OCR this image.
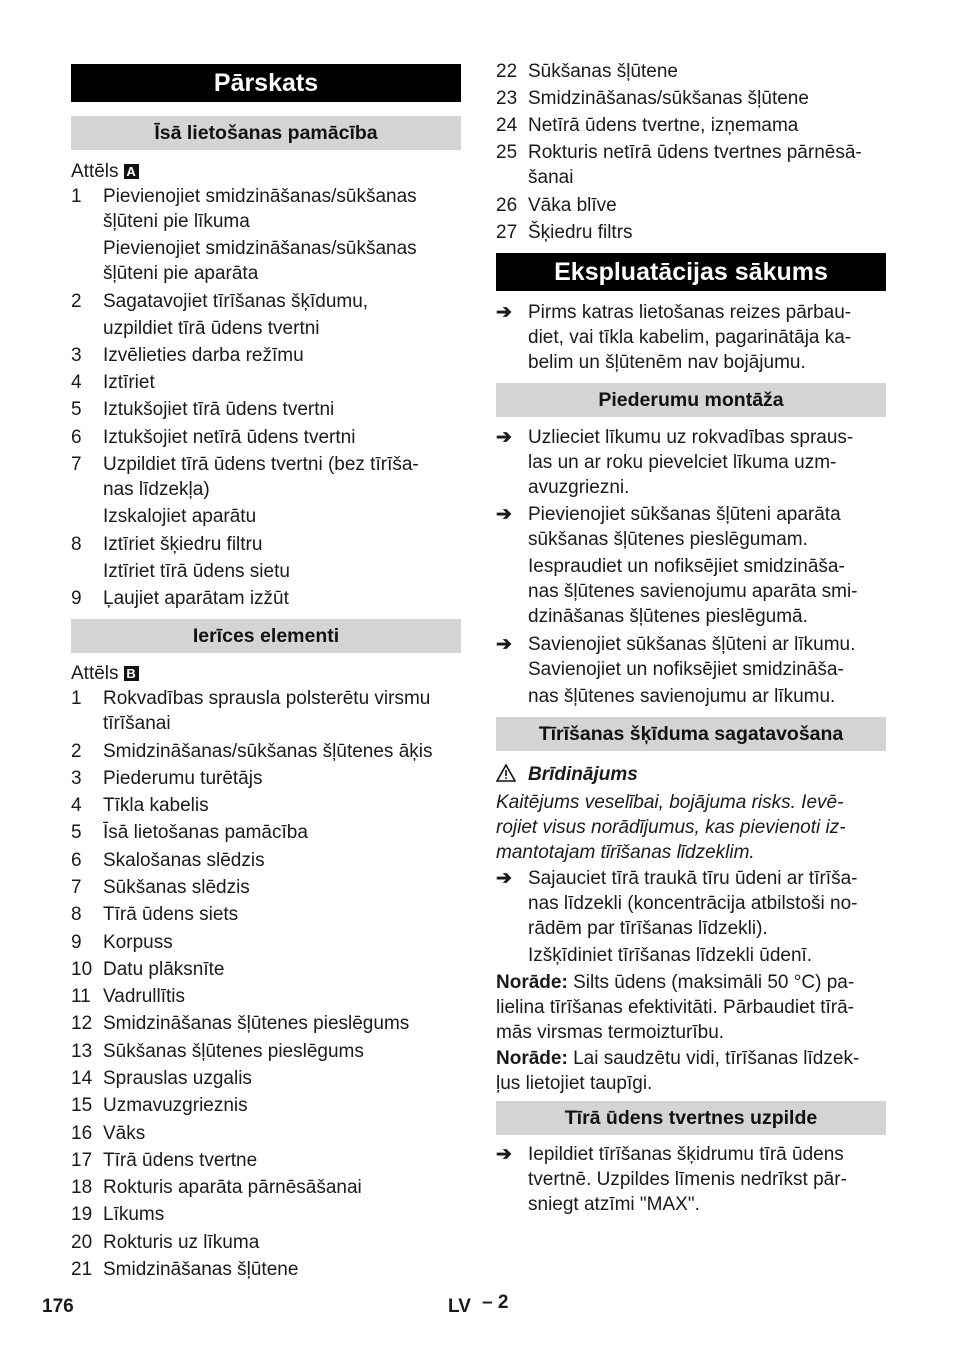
Pārskats
Īsā lietošanas pamācība
Attēls A
1 Pievienojiet smidzināšanas/sūkšanas
šļūteni pie līkuma
Pievienojiet smidzināšanas/sūkšanas
šļūteni pie aparāta
2 Sagatavojiet tīrīšanas šķīdumu,
uzpildiet tīrā ūdens tvertni
3 Izvēlieties darba režīmu
4 Iztīriet
5 Iztukšojiet tīrā ūdens tvertni
6 Iztukšojiet netīrā ūdens tvertni
7 Uzpildiet tīrā ūdens tvertni (bez tīrīša-
nas līdzekļa)
Izskalojiet aparātu
8 Iztīriet šķiedru filtru
Iztīriet tīrā ūdens sietu
9 Ļaujiet aparātam izžūt
Ierīces elementi
Attēls B
1 Rokvadības sprausla polsterētu virsmu
tīrīšanai
2 Smidzināšanas/sūkšanas šļūtenes āķis
3 Piederumu turētājs
4 Tīkla kabelis
5 Īsā lietošanas pamācība
6 Skalošanas slēdzis
7 Sūkšanas slēdzis
8 Tīrā ūdens siets
9 Korpuss
10 Datu plāksnīte
11 Vadrullītis
12 Smidzināšanas šļūtenes pieslēgums
13 Sūkšanas šļūtenes pieslēgums
14 Sprauslas uzgalis
15 Uzmavuzgrieznis
16 Vāks
17 Tīrā ūdens tvertne
18 Rokturis aparāta pārnēsāšanai
19 Līkums
20 Rokturis uz līkuma
21 Smidzināšanas šļūtene
22 Sūkšanas šļūtene
23 Smidzināšanas/sūkšanas šļūtene
24 Netīrā ūdens tvertne, izņemama
25 Rokturis netīrā ūdens tvertnes pārnēsā-
šanai
26 Vāka blīve
27 Šķiedru filtrs
Ekspluatācijas sākums
➔ Pirms katras lietošanas reizes pārbau-
diet, vai tīkla kabelim, pagarinātāja ka-
belim un šļūtenēm nav bojājumu.
Piederumu montāža
➔ Uzlieciet līkumu uz rokvadības spraus-
las un ar roku pievelciet līkuma uzm-
avuzgriezni.
➔ Pievienojiet sūkšanas šļūteni aparāta
sūkšanas šļūtenes pieslēgumam.
Iespraudiet un nofiksējiet smidzināša-
nas šļūtenes savienojumu aparāta smi-
dzināšanas šļūtenes pieslēgumā.
➔ Savienojiet sūkšanas šļūteni ar līkumu.
Savienojiet un nofiksējiet smidzināša-
nas šļūtenes savienojumu ar līkumu.
Tīrīšanas šķīduma sagatavošana
Brīdinājums
Kaitējums veselībai, bojājuma risks. Ievē-
rojiet visus norādījumus, kas pievienoti iz-
mantotajam tīrīšanas līdzeklim.
➔ Sajauciet tīrā traukā tīru ūdeni ar tīrīša-
nas līdzekli (koncentrācija atbilstoši no-
rādēm par tīrīšanas līdzekli).
Izšķīdiniet tīrīšanas līdzekli ūdenī.
Norāde: Silts ūdens (maksimāli 50 °C) pa-
lielina tīrīšanas efektivitāti. Pārbaudiet tīrā-
mās virsmas termoizturību.
Norāde: Lai saudzētu vidi, tīrīšanas līdzek-
ļus lietojiet taupīgi.
Tīrā ūdens tvertnes uzpilde
➔ Iepildiet tīrīšanas šķidrumu tīrā ūdens
tvertnē. Uzpildes līmenis nedrīkst pār-
sniegt atzīmi "MAX".
176	LV – 2
